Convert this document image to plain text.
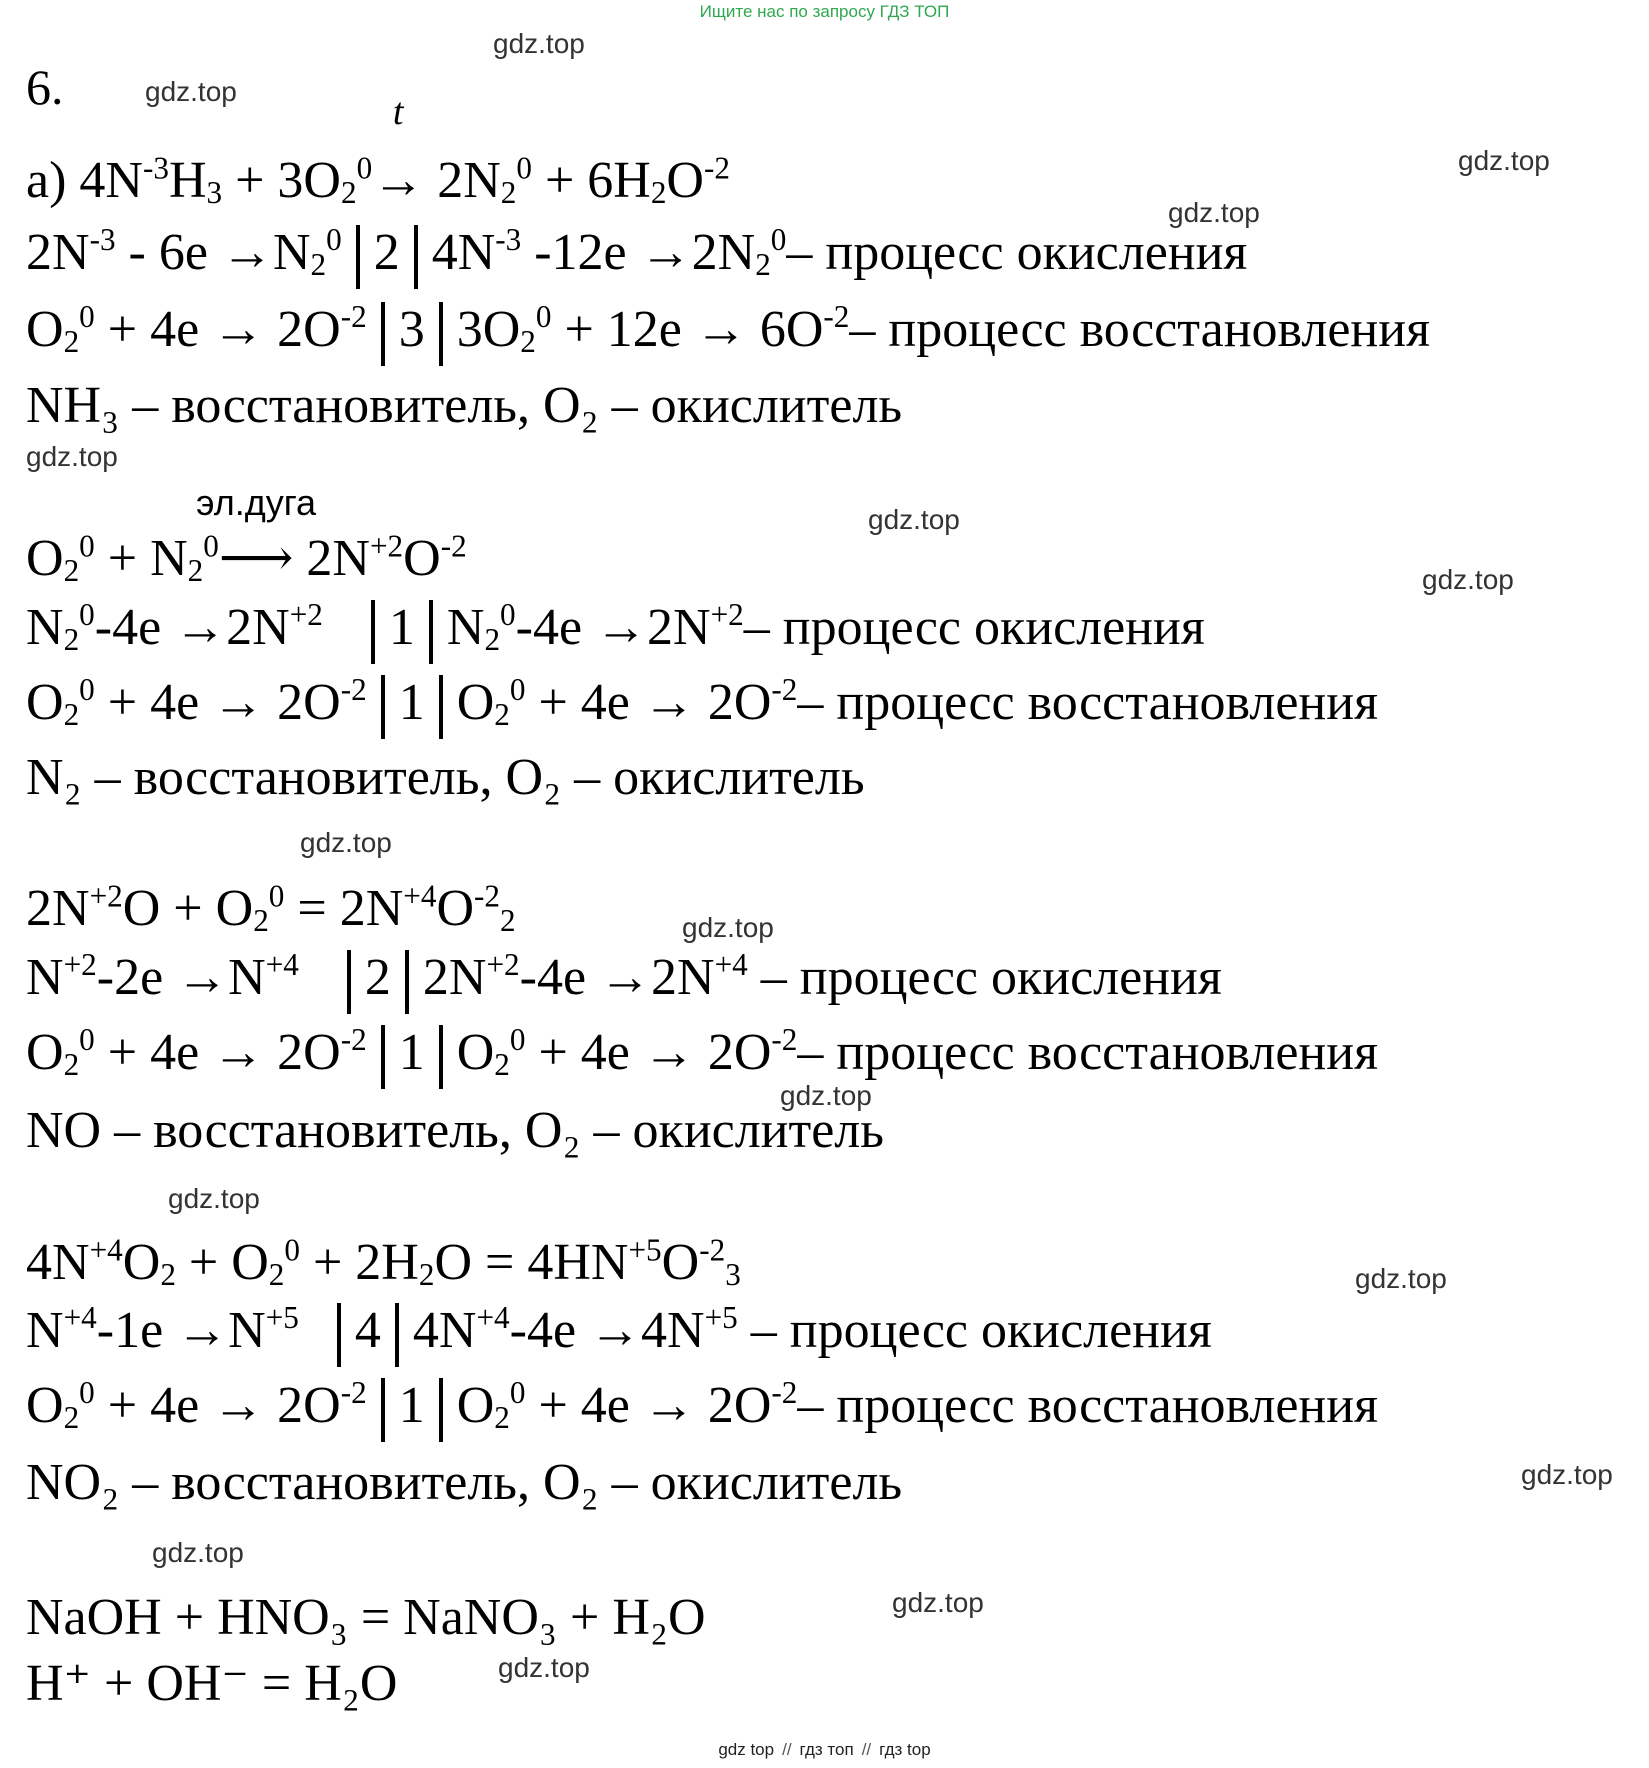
Ищите нас по запросу ГДЗ ТОП
gdz.top
gdz.top
gdz.top
gdz.top
gdz.top
gdz.top
gdz.top
gdz.top
gdz.top
gdz.top
gdz.top
gdz.top
gdz.top
gdz.top
gdz.top
gdz.top
6.
а) $4N^{-3}H_3 + 3O_2^0\to$
t
$2N_2^0 + 6H_2O^{-2}$
$2N^{-3} - 6e \to N_2^0$ 2 $4N^{-3}$ $-12e \to 2N_2^0-$ процесс окисления
$O_2^0 + 4e \to 2O^{-2}$ 3 $3O_2^0 + 12e \to 6O^{-2}-$ процесс восстановления
NH₃ – восстановитель, O₂ – окислитель
$O_2^0$ + $N_2^0⟶$
эл.дуга
$2N^{+2}O^{-2}$
$N_2^0-4e \to 2N^{+2}$ 1 $N_2^0-4e \to 2N^{+2}-$ процесс окисления
$O_2^0 + 4e \to 2O^{-2}$ 1 $O_2^0 + 4e \to 2O^{-2}-$ процесс восстановления
N₂ – восстановитель, O₂ – окислитель
$2N^{+2}O + O_2^0 = 2N^{+4}O^{-2}_2$
$N^{+2}-2e \to N^{+4}$ 2 $2N^{+2}-4e \to 2N^{+4}$ – процесс окисления
$O_2^0 + 4e \to 2O^{-2}$ 1 $O_2^0 + 4e \to 2O^{-2}-$ процесс восстановления
NO – восстановитель, O₂ – окислитель
$4N^{+4}O_2 + O_2^0 + 2H_2O = 4HN^{+5}O^{-2}_3$
$N^{+4}-1e \to N^{+5}$ 4 $4N^{+4}-4e \to 4N^{+5}$ – процесс окисления
$O_2^0 + 4e \to 2O^{-2}$ 1 $O_2^0 + 4e \to 2O^{-2}-$ процесс восстановления
NO₂ – восстановитель, O₂ – окислитель
NaOH + HNO₃ = NaNO₃ + H₂O
H⁺ + OH⁻ = H₂O
gdz top // гдз топ // гдз top
